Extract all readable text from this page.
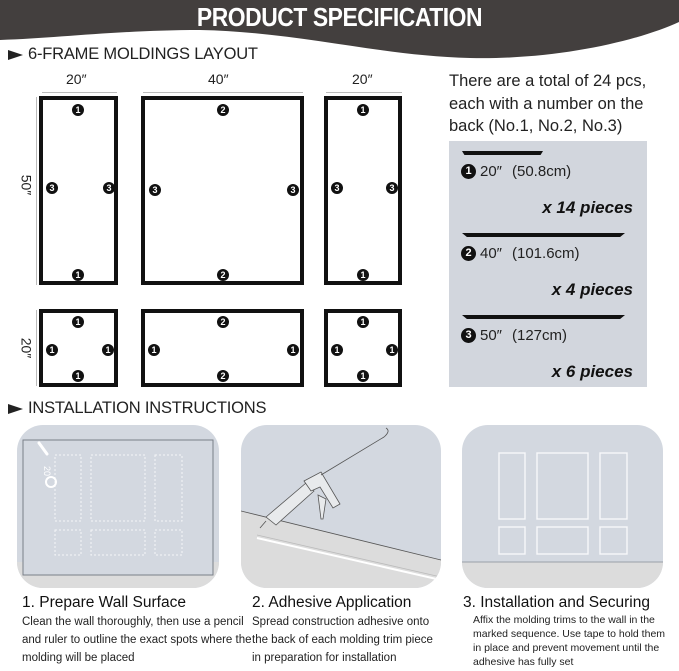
PRODUCT SPECIFICATION
6-FRAME MOLDINGS LAYOUT
20″	40″	20″
50″
20″
1
1
3	3
2
2
3	3
1
1
3	3
1
1
1	1
2
2
1	1
1
1
1	1
There are a total of 24 pcs, each with a number on the back (No.1, No.2, No.3)
1 20″ (50.8cm)
x 14 pieces
2 40″ (101.6cm)
x 4 pieces
3 50″ (127cm)
x 6 pieces
INSTALLATION INSTRUCTIONS
20
1. Prepare Wall Surface
Clean the wall thoroughly, then use a pencil and ruler to outline the exact spots where the molding will be placed
2. Adhesive Application
Spread construction adhesive onto the back of each molding trim piece in preparation for installation
3. Installation and Securing
Affix the molding trims to the wall in the marked sequence. Use tape to hold them in place and prevent movement until the adhesive has fully set
